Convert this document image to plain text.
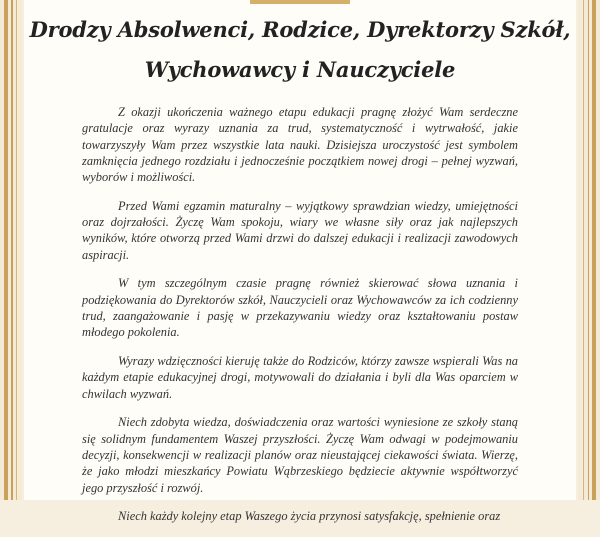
Drodzy Absolwenci, Rodzice, Dyrektorzy Szkół,
Wychowawcy i Nauczyciele

Z okazji ukończenia ważnego etapu edukacji pragnę złożyć Wam serdeczne gratulacje oraz wyrazy uznania za trud, systematyczność i wytrwałość, jakie towarzyszyły Wam przez wszystkie lata nauki. Dzisiejsza uroczystość jest symbolem zamknięcia jednego rozdziału i jednocześnie początkiem nowej drogi – pełnej wyzwań, wyborów i możliwości.

Przed Wami egzamin maturalny – wyjątkowy sprawdzian wiedzy, umiejętności oraz dojrzałości. Życzę Wam spokoju, wiary we własne siły oraz jak najlepszych wyników, które otworzą przed Wami drzwi do dalszej edukacji i realizacji zawodowych aspiracji.

W tym szczególnym czasie pragnę również skierować słowa uznania i podziękowania do Dyrektorów szkół, Nauczycieli oraz Wychowawców za ich codzienny trud, zaangażowanie i pasję w przekazywaniu wiedzy oraz kształtowaniu postaw młodego pokolenia.

Wyrazy wdzięczności kieruję także do Rodziców, którzy zawsze wspierali Was na każdym etapie edukacyjnej drogi, motywowali do działania i byli dla Was oparciem w chwilach wyzwań.

Niech zdobyta wiedza, doświadczenia oraz wartości wyniesione ze szkoły staną się solidnym fundamentem Waszej przyszłości. Życzę Wam odwagi w podejmowaniu decyzji, konsekwencji w realizacji planów oraz nieustającej ciekawości świata. Wierzę, że jako młodzi mieszkańcy Powiatu Wąbrzeskiego będziecie aktywnie współtworzyć jego przyszłość i rozwój.

Niech każdy kolejny etap Waszego życia przynosi satysfakcję, spełnienie oraz
